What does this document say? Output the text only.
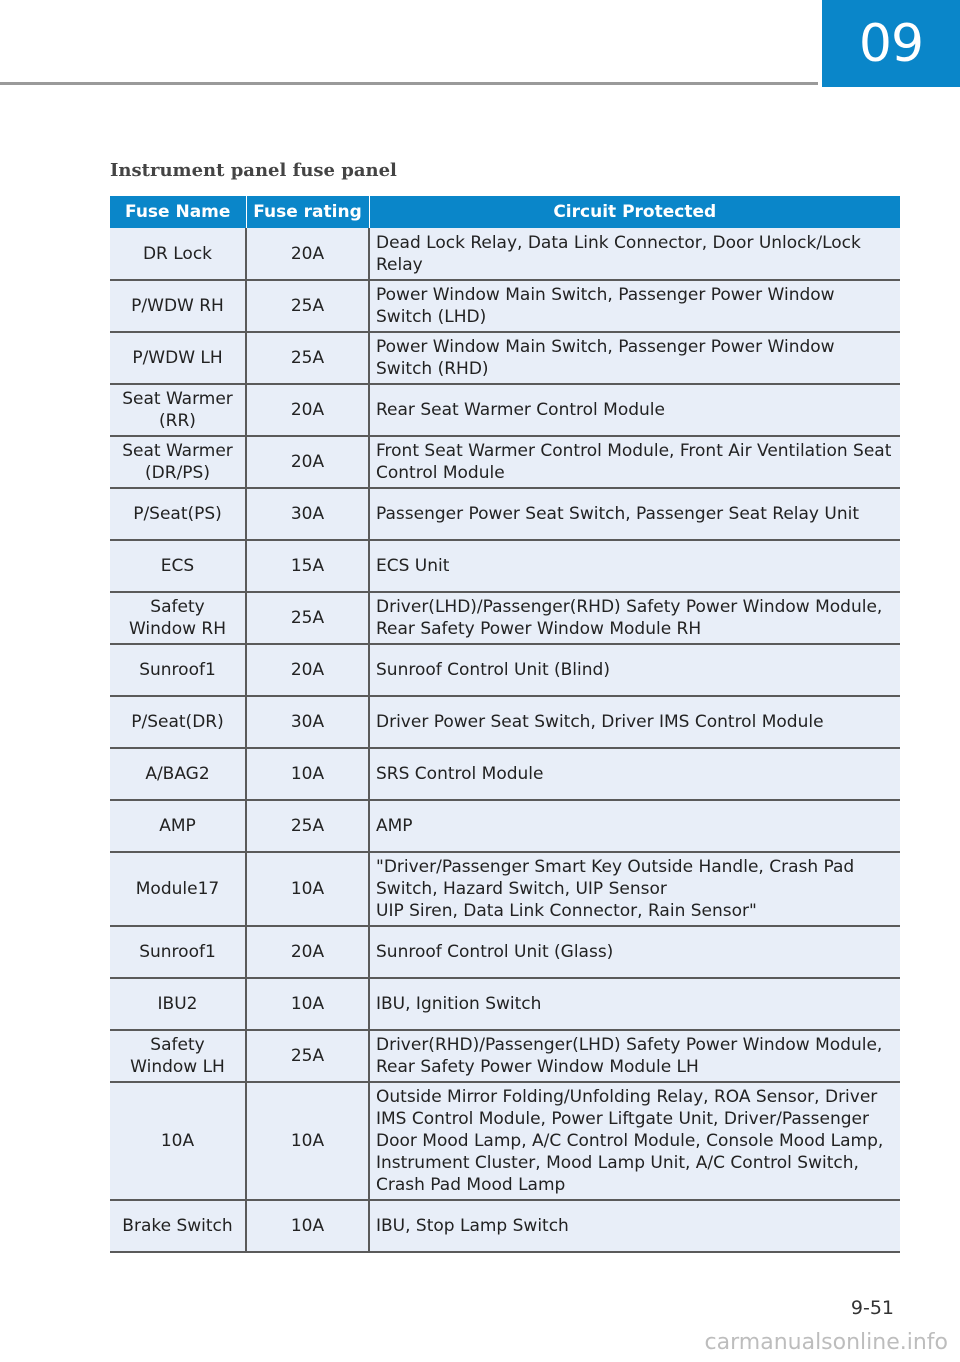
09
Instrument panel fuse panel
Fuse Name	Fuse rating	Circuit Protected
DR Lock	20A	Dead Lock Relay, Data Link Connector, Door Unlock/Lock Relay
P/WDW RH	25A	Power Window Main Switch, Passenger Power Window Switch (LHD)
P/WDW LH	25A	Power Window Main Switch, Passenger Power Window Switch (RHD)
Seat Warmer (RR)	20A	Rear Seat Warmer Control Module
Seat Warmer (DR/PS)	20A	Front Seat Warmer Control Module, Front Air Ventilation Seat Control Module
P/Seat(PS)	30A	Passenger Power Seat Switch, Passenger Seat Relay Unit
ECS	15A	ECS Unit
Safety Window RH	25A	Driver(LHD)/Passenger(RHD) Safety Power Window Module, Rear Safety Power Window Module RH
Sunroof1	20A	Sunroof Control Unit (Blind)
P/Seat(DR)	30A	Driver Power Seat Switch, Driver IMS Control Module
A/BAG2	10A	SRS Control Module
AMP	25A	AMP
Module17	10A	"Driver/Passenger Smart Key Outside Handle, Crash Pad Switch, Hazard Switch, UIP Sensor
UIP Siren, Data Link Connector, Rain Sensor"
Sunroof1	20A	Sunroof Control Unit (Glass)
IBU2	10A	IBU, Ignition Switch
Safety Window LH	25A	Driver(RHD)/Passenger(LHD) Safety Power Window Module, Rear Safety Power Window Module LH
10A	10A	Outside Mirror Folding/Unfolding Relay, ROA Sensor, Driver IMS Control Module, Power Liftgate Unit, Driver/Passenger Door Mood Lamp, A/C Control Module, Console Mood Lamp, Instrument Cluster, Mood Lamp Unit, A/C Control Switch, Crash Pad Mood Lamp
Brake Switch	10A	IBU, Stop Lamp Switch
9-51
carmanualsonline.info
